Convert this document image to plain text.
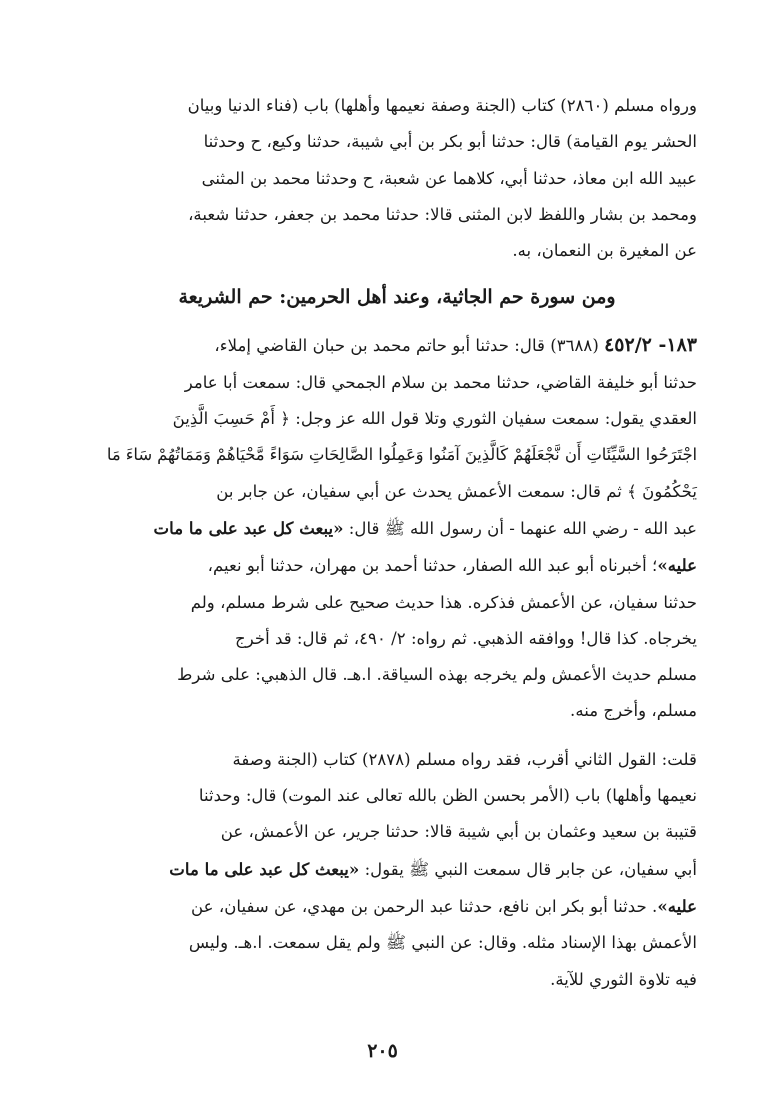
ورواه مسلم (٢٨٦٠) كتاب (الجنة وصفة نعيمها وأهلها) باب (فناء الدنيا وبيان
الحشر يوم القيامة) قال: حدثنا أبو بكر بن أبي شيبة، حدثنا وكيع، ح وحدثنا
عبيد الله ابن معاذ، حدثنا أبي، كلاهما عن شعبة، ح وحدثنا محمد بن المثنى
ومحمد بن بشار واللفظ لابن المثنى قالا: حدثنا محمد بن جعفر، حدثنا شعبة،
عن المغيرة بن النعمان، به.

ومن سورة حم الجاثية، وعند أهل الحرمين: حم الشريعة

١٨٣- ٤٥٢/٢ (٣٦٨٨) قال: حدثنا أبو حاتم محمد بن حبان القاضي إملاء،
حدثنا أبو خليفة القاضي، حدثنا محمد بن سلام الجمحي قال: سمعت أبا عامر
العقدي يقول: سمعت سفيان الثوري وتلا قول الله عز وجل: ﴿ أَمْ حَسِبَ الَّذِينَ
اجْتَرَحُوا السَّيِّئَاتِ أَن نَّجْعَلَهُمْ كَالَّذِينَ آمَنُوا وَعَمِلُوا الصَّالِحَاتِ سَوَاءً مَّحْيَاهُمْ وَمَمَاتُهُمْ سَاءَ مَا
يَحْكُمُونَ ﴾ ثم قال: سمعت الأعمش يحدث عن أبي سفيان، عن جابر بن
عبد الله - رضي الله عنهما - أن رسول الله ﷺ قال: «يبعث كل عبد على ما مات
عليه»؛ أخبرناه أبو عبد الله الصفار، حدثنا أحمد بن مهران، حدثنا أبو نعيم،
حدثنا سفيان، عن الأعمش فذكره. هذا حديث صحيح على شرط مسلم، ولم
يخرجاه. كذا قال! ووافقه الذهبي. ثم رواه: ٢/ ٤٩٠، ثم قال: قد أخرج
مسلم حديث الأعمش ولم يخرجه بهذه السياقة. ا.هـ. قال الذهبي: على شرط
مسلم، وأخرج منه.

قلت: القول الثاني أقرب، فقد رواه مسلم (٢٨٧٨) كتاب (الجنة وصفة
نعيمها وأهلها) باب (الأمر بحسن الظن بالله تعالى عند الموت) قال: وحدثنا
قتيبة بن سعيد وعثمان بن أبي شيبة قالا: حدثنا جرير، عن الأعمش، عن
أبي سفيان، عن جابر قال سمعت النبي ﷺ يقول: «يبعث كل عبد على ما مات
عليه». حدثنا أبو بكر ابن نافع، حدثنا عبد الرحمن بن مهدي، عن سفيان، عن
الأعمش بهذا الإسناد مثله. وقال: عن النبي ﷺ ولم يقل سمعت. ا.هـ. وليس
فيه تلاوة الثوري للآية.

٢٠٥
